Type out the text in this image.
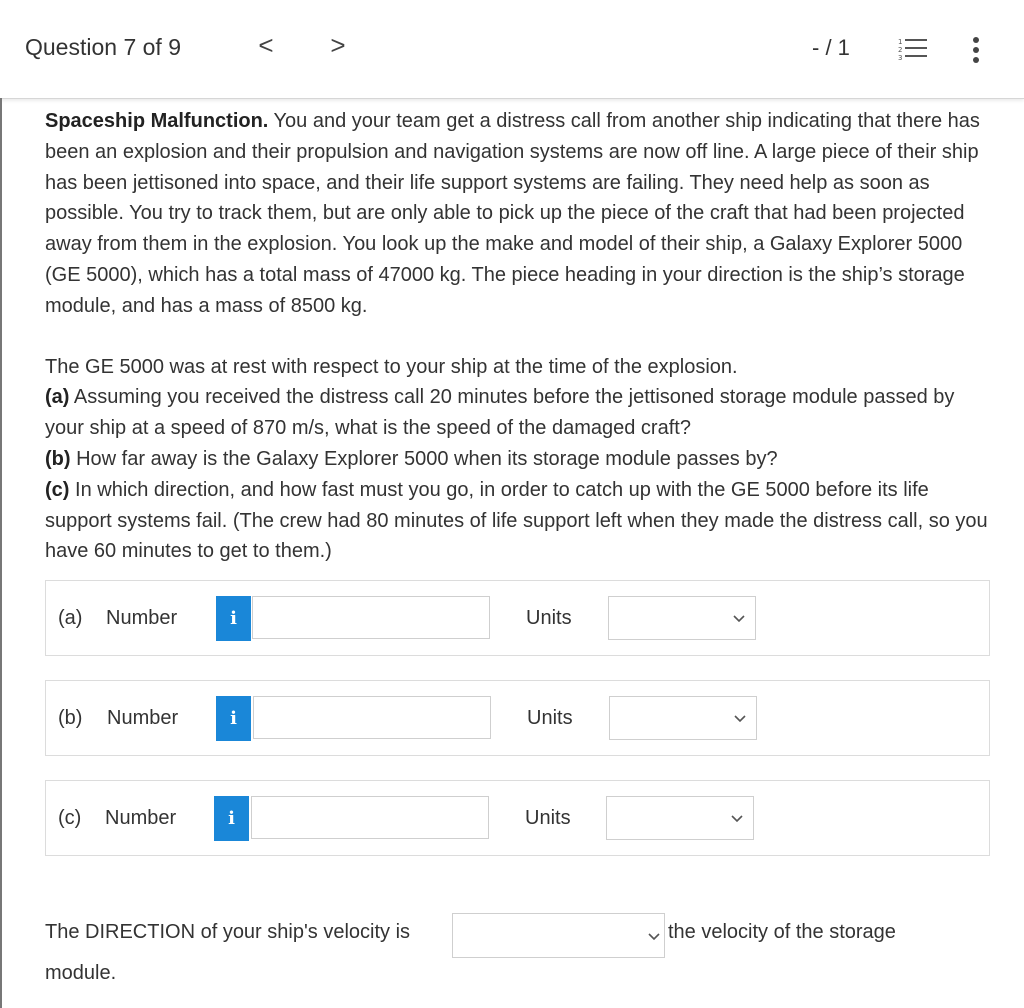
Question 7 of 9	< >	- / 1	1
2
3

Spaceship Malfunction. You and your team get a distress call from another ship indicating that there has been an explosion and their propulsion and navigation systems are now off line. A large piece of their ship has been jettisoned into space, and their life support systems are failing. They need help as soon as possible. You try to track them, but are only able to pick up the piece of the craft that had been projected away from them in the explosion. You look up the make and model of their ship, a Galaxy Explorer 5000 (GE 5000), which has a total mass of 47000 kg. The piece heading in your direction is the ship’s storage module, and has a mass of 8500 kg.

The GE 5000 was at rest with respect to your ship at the time of the explosion.

(a) Assuming you received the distress call 20 minutes before the jettisoned storage module passed by your ship at a speed of 870 m/s, what is the speed of the damaged craft?

(b) How far away is the Galaxy Explorer 5000 when its storage module passes by?

(c) In which direction, and how fast must you go, in order to catch up with the GE 5000 before its life support systems fail. (The crew had 80 minutes of life support left when they made the distress call, so you have 60 minutes to get to them.)

(a) Number	i	Units
(b) Number	i	Units
(c) Number	i	Units
The DIRECTION of your ship's velocity is	the velocity of the storage
module.
